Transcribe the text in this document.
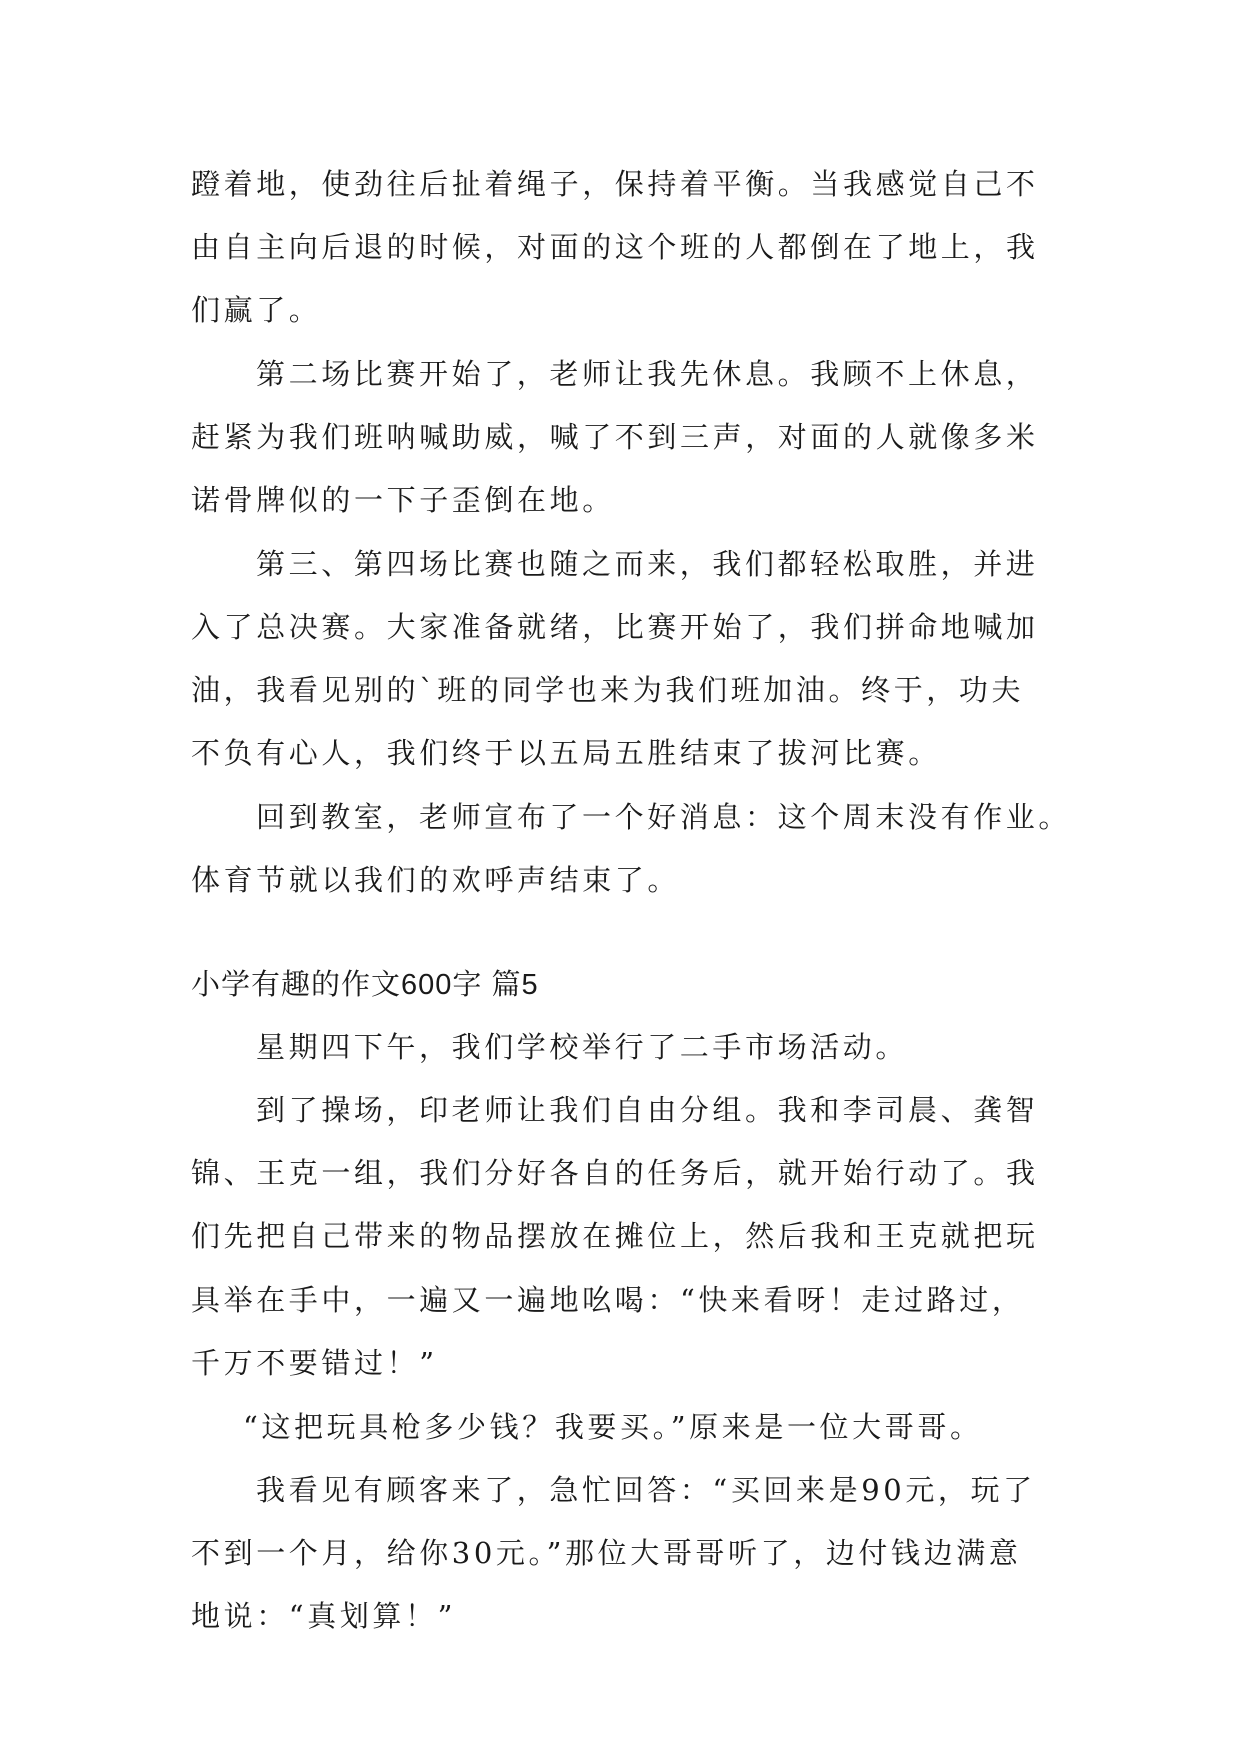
蹬着地，使劲往后扯着绳子，保持着平衡。当我感觉自己不
由自主向后退的时候，对面的这个班的人都倒在了地上，我
们赢了。
第二场比赛开始了，老师让我先休息。我顾不上休息，
赶紧为我们班呐喊助威，喊了不到三声，对面的人就像多米
诺骨牌似的一下子歪倒在地。
第三、第四场比赛也随之而来，我们都轻松取胜，并进
入了总决赛。大家准备就绪，比赛开始了，我们拼命地喊加
油，我看见别的`班的同学也来为我们班加油。终于，功夫
不负有心人，我们终于以五局五胜结束了拔河比赛。
回到教室，老师宣布了一个好消息：这个周末没有作业。
体育节就以我们的欢呼声结束了。
小学有趣的作文600字 篇5
星期四下午，我们学校举行了二手市场活动。
到了操场，印老师让我们自由分组。我和李司晨、龚智
锦、王克一组，我们分好各自的任务后，就开始行动了。我
们先把自己带来的物品摆放在摊位上，然后我和王克就把玩
具举在手中，一遍又一遍地吆喝：“快来看呀！走过路过，
千万不要错过！”
“这把玩具枪多少钱？我要买。”原来是一位大哥哥。
我看见有顾客来了，急忙回答：“买回来是90元，玩了
不到一个月，给你30元。”那位大哥哥听了，边付钱边满意
地说：“真划算！”
